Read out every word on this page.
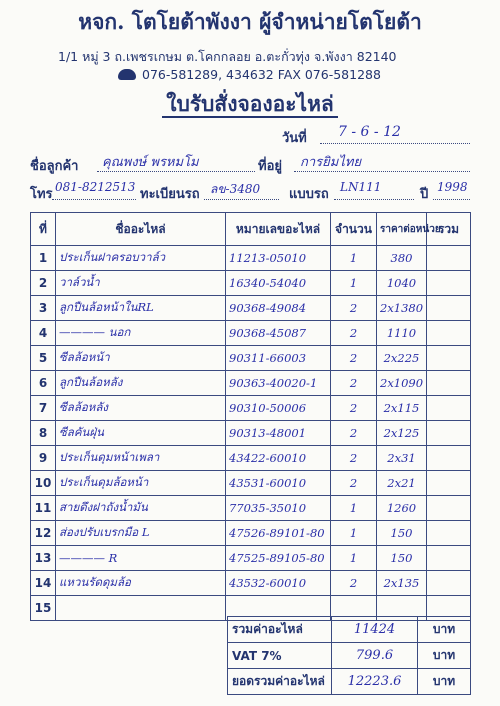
หจก. โตโยต้าพังงา ผู้จำหน่ายโตโยต้า
1/1 หมู่ 3 ถ.เพชรเกษม ต.โคกกลอย อ.ตะกั่วทุ่ง จ.พังงา 82140
076-581289, 434632 FAX 076-581288
ใบรับสั่งจองอะไหล่
วันที่ 7 - 6 - 12
ชื่อลูกค้า คุณพงษ์ พรหมโม	ที่อยู่ การยิมไทย
โทร 081-8212513 ทะเบียนรถ ลข-3480 แบบรถ LN111	ปี 1998
ที่	ชื่ออะไหล่	หมายเลขอะไหล่	จำนวน	ราคาต่อหน่วย	รวม
1	ประเก็นฝาครอบวาล์ว	11213-05010	1	380	
2	วาล์วน้ำ	16340-54040	1	1040	
3	ลูกปืนล้อหน้าในRL	90368-49084	2	2x1380	
4	———— นอก	90368-45087	2	1110	
5	ซีลล้อหน้า	90311-66003	2	2x225	
6	ลูกปืนล้อหลัง	90363-40020-1	2	2x1090	
7	ซีลล้อหลัง	90310-50006	2	2x115	
8	ซีลคันฝุ่น	90313-48001	2	2x125	
9	ประเก็นดุมหน้าเพลา	43422-60010	2	2x31	
10	ประเก็นดุมล้อหน้า	43531-60010	2	2x21	
11	สายดึงฝาถังน้ำมัน	77035-35010	1	1260	
12	ส่องปรับเบรกมือ L	47526-89101-80	1	150	
13	———— R	47525-89105-80	1	150	
14	แหวนรัดดุมล้อ	43532-60010	2	2x135	
15					
รวมค่าอะไหล่	11424	บาท
VAT 7%	799.6	บาท
ยอดรวมค่าอะไหล่	12223.6	บาท
